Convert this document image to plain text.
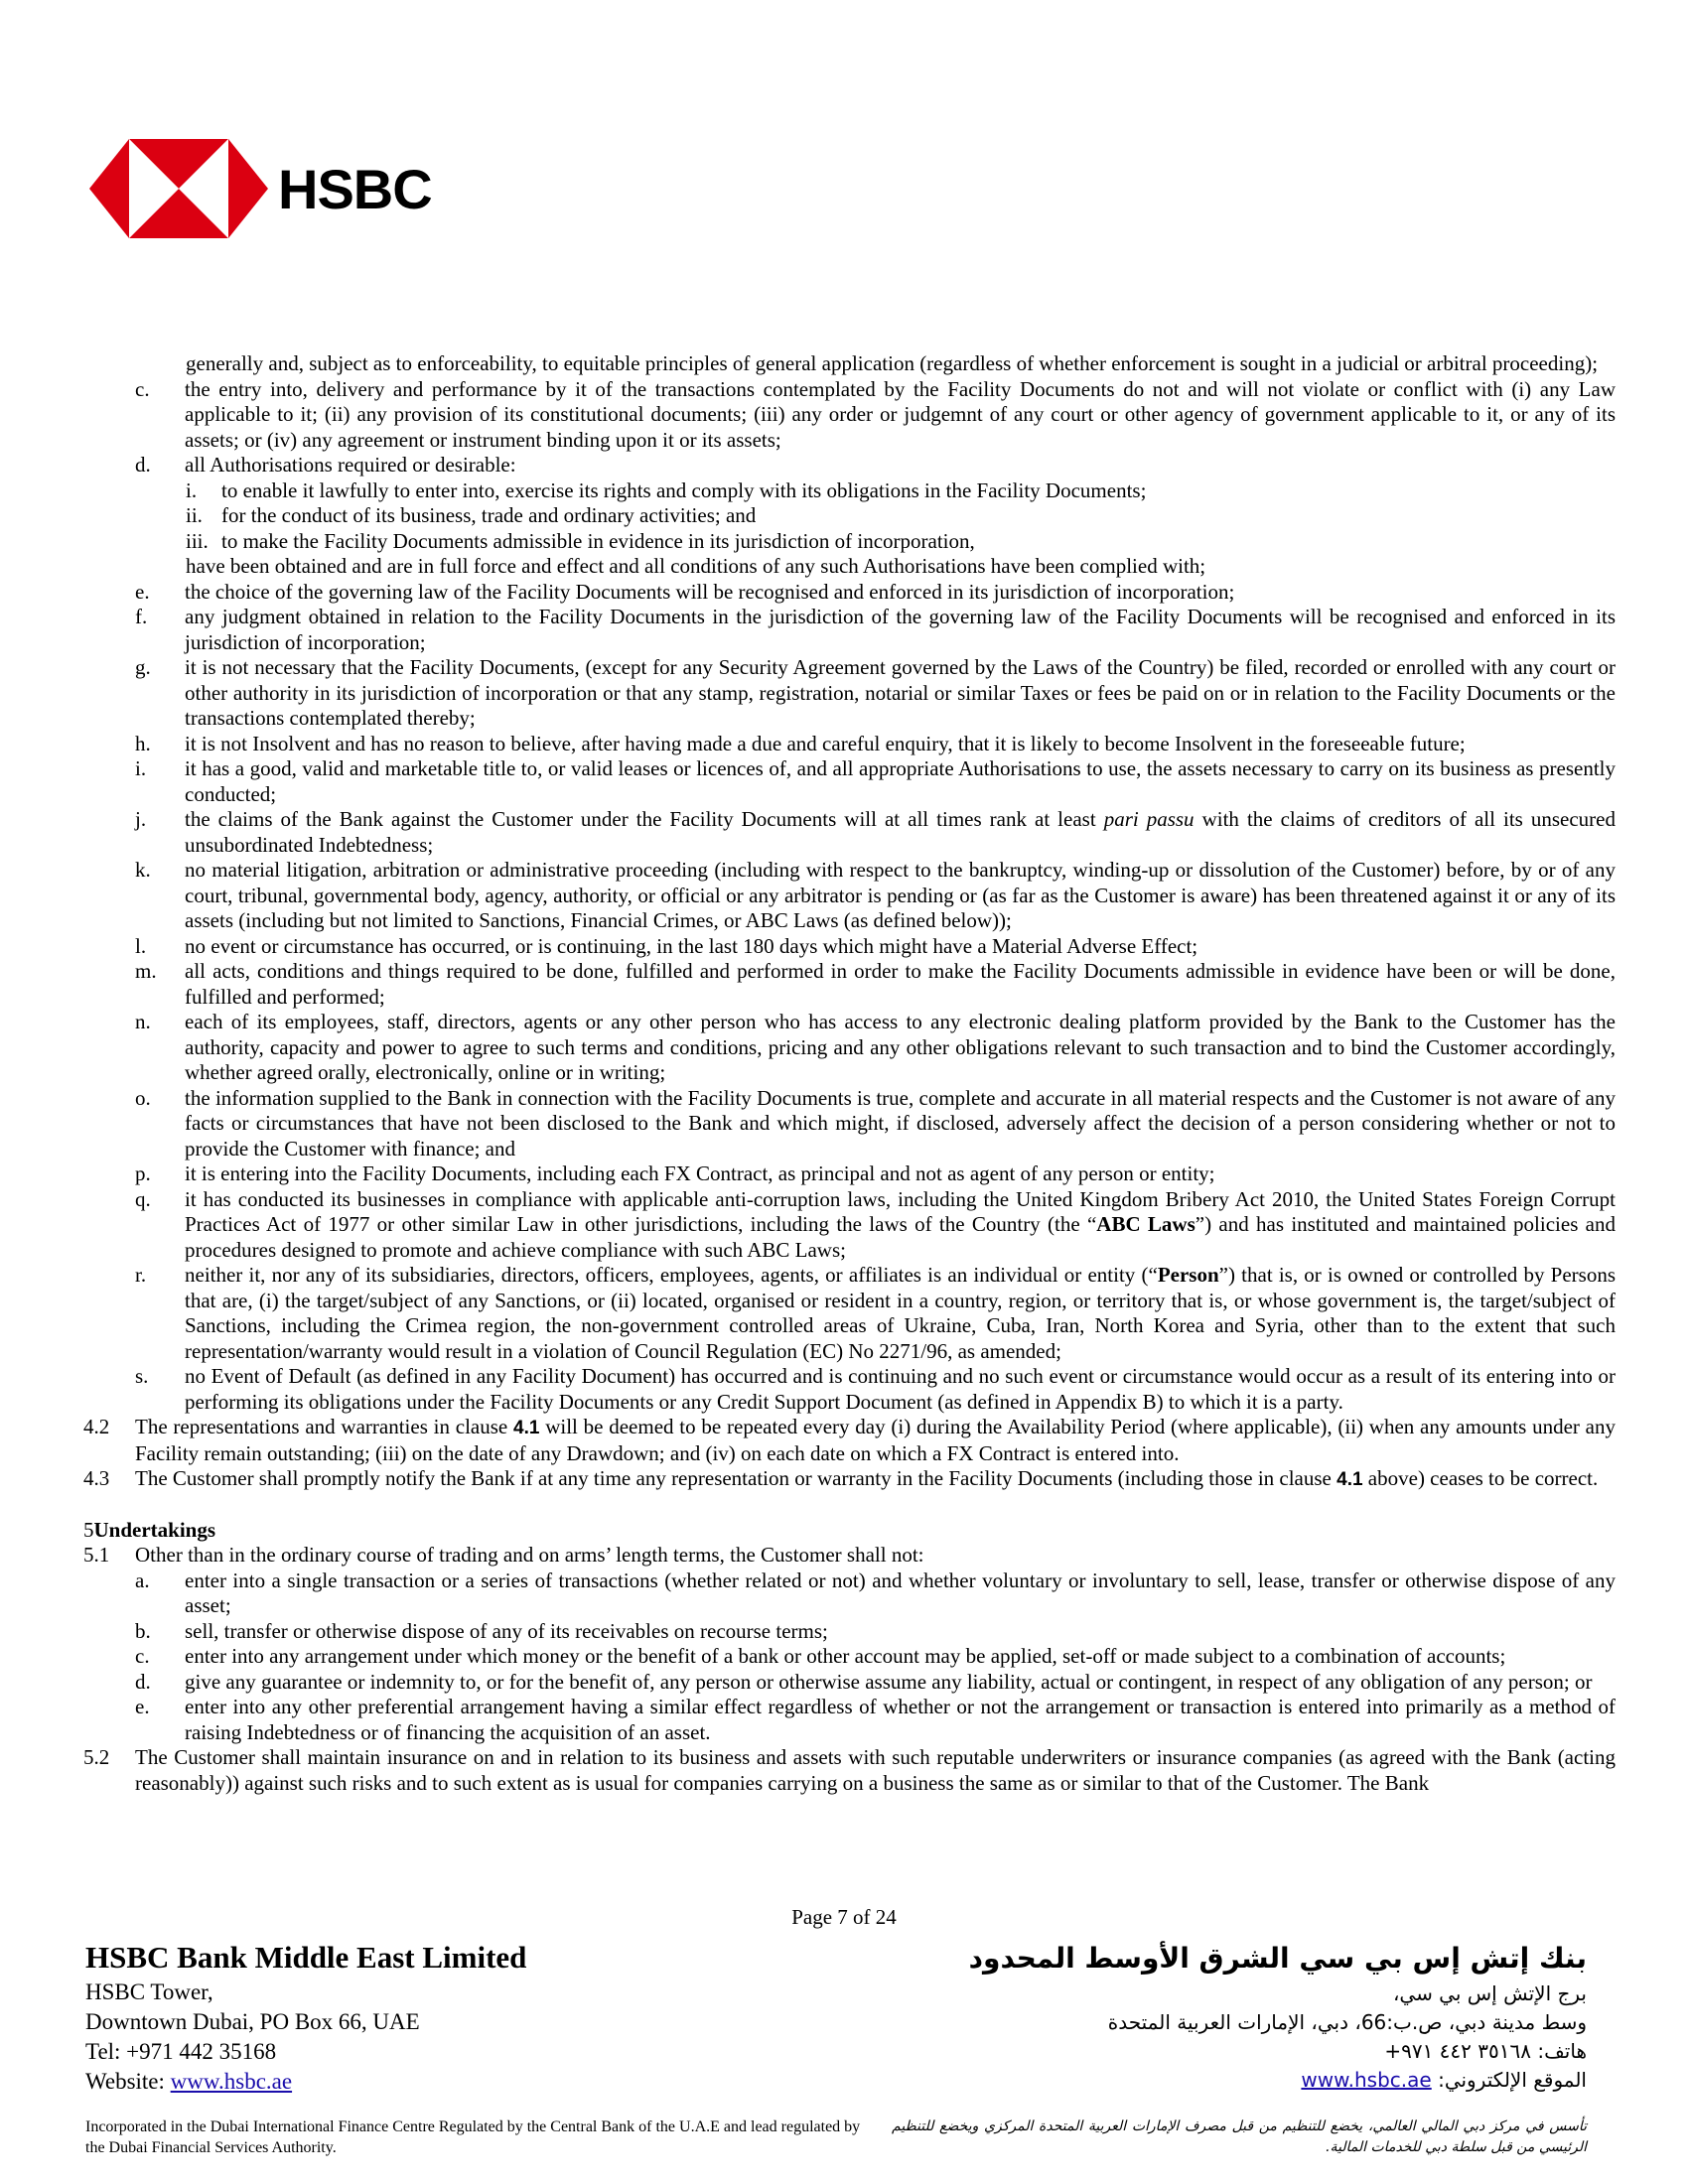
HSBC
generally and, subject as to enforceability, to equitable principles of general application (regardless of whether enforcement is sought in a judicial or arbitral proceeding);
c.	the entry into, delivery and performance by it of the transactions contemplated by the Facility Documents do not and will not violate or conflict with (i) any Law applicable to it; (ii) any provision of its constitutional documents; (iii) any order or judgemnt of any court or other agency of government applicable to it, or any of its assets; or (iv) any agreement or instrument binding upon it or its assets;
d.	all Authorisations required or desirable:
i.	to enable it lawfully to enter into, exercise its rights and comply with its obligations in the Facility Documents;
ii. for the conduct of its business, trade and ordinary activities; and
iii. to make the Facility Documents admissible in evidence in its jurisdiction of incorporation,
have been obtained and are in full force and effect and all conditions of any such Authorisations have been complied with;
e.	the choice of the governing law of the Facility Documents will be recognised and enforced in its jurisdiction of incorporation;
f.	any judgment obtained in relation to the Facility Documents in the jurisdiction of the governing law of the Facility Documents will be recognised and enforced in its jurisdiction of incorporation;
g.	it is not necessary that the Facility Documents, (except for any Security Agreement governed by the Laws of the Country) be filed, recorded or enrolled with any court or other authority in its jurisdiction of incorporation or that any stamp, registration, notarial or similar Taxes or fees be paid on or in relation to the Facility Documents or the transactions contemplated thereby;
h.	it is not Insolvent and has no reason to believe, after having made a due and careful enquiry, that it is likely to become Insolvent in the foreseeable future;
i.	it has a good, valid and marketable title to, or valid leases or licences of, and all appropriate Authorisations to use, the assets necessary to carry on its business as presently conducted;
j.	the claims of the Bank against the Customer under the Facility Documents will at all times rank at least pari passu with the claims of creditors of all its unsecured unsubordinated Indebtedness;
k.	no material litigation, arbitration or administrative proceeding (including with respect to the bankruptcy, winding-up or dissolution of the Customer) before, by or of any court, tribunal, governmental body, agency, authority, or official or any arbitrator is pending or (as far as the Customer is aware) has been threatened against it or any of its assets (including but not limited to Sanctions, Financial Crimes, or ABC Laws (as defined below));
l.	no event or circumstance has occurred, or is continuing, in the last 180 days which might have a Material Adverse Effect;
m.	all acts, conditions and things required to be done, fulfilled and performed in order to make the Facility Documents admissible in evidence have been or will be done, fulfilled and performed;
n.	each of its employees, staff, directors, agents or any other person who has access to any electronic dealing platform provided by the Bank to the Customer has the authority, capacity and power to agree to such terms and conditions, pricing and any other obligations relevant to such transaction and to bind the Customer accordingly, whether agreed orally, electronically, online or in writing;
o.	the information supplied to the Bank in connection with the Facility Documents is true, complete and accurate in all material respects and the Customer is not aware of any facts or circumstances that have not been disclosed to the Bank and which might, if disclosed, adversely affect the decision of a person considering whether or not to provide the Customer with finance; and
p.	it is entering into the Facility Documents, including each FX Contract, as principal and not as agent of any person or entity;
q.	it has conducted its businesses in compliance with applicable anti-corruption laws, including the United Kingdom Bribery Act 2010, the United States Foreign Corrupt Practices Act of 1977 or other similar Law in other jurisdictions, including the laws of the Country (the “ABC Laws”) and has instituted and maintained policies and procedures designed to promote and achieve compliance with such ABC Laws;
r.	neither it, nor any of its subsidiaries, directors, officers, employees, agents, or affiliates is an individual or entity (“Person”) that is, or is owned or controlled by Persons that are, (i) the target/subject of any Sanctions, or (ii) located, organised or resident in a country, region, or territory that is, or whose government is, the target/subject of Sanctions, including the Crimea region, the non-government controlled areas of Ukraine, Cuba, Iran, North Korea and Syria, other than to the extent that such representation/warranty would result in a violation of Council Regulation (EC) No 2271/96, as amended;
s.	no Event of Default (as defined in any Facility Document) has occurred and is continuing and no such event or circumstance would occur as a result of its entering into or performing its obligations under the Facility Documents or any Credit Support Document (as defined in Appendix B) to which it is a party.
4.2	The representations and warranties in clause 4.1 will be deemed to be repeated every day (i) during the Availability Period (where applicable), (ii) when any amounts under any Facility remain outstanding; (iii) on the date of any Drawdown; and (iv) on each date on which a FX Contract is entered into.
4.3	The Customer shall promptly notify the Bank if at any time any representation or warranty in the Facility Documents (including those in clause 4.1 above) ceases to be correct.
5 Undertakings
5.1	Other than in the ordinary course of trading and on arms’ length terms, the Customer shall not:
a.	enter into a single transaction or a series of transactions (whether related or not) and whether voluntary or involuntary to sell, lease, transfer or otherwise dispose of any asset;
b.	sell, transfer or otherwise dispose of any of its receivables on recourse terms;
c.	enter into any arrangement under which money or the benefit of a bank or other account may be applied, set-off or made subject to a combination of accounts;
d.	give any guarantee or indemnity to, or for the benefit of, any person or otherwise assume any liability, actual or contingent, in respect of any obligation of any person; or
e.	enter into any other preferential arrangement having a similar effect regardless of whether or not the arrangement or transaction is entered into primarily as a method of raising Indebtedness or of financing the acquisition of an asset.
5.2	The Customer shall maintain insurance on and in relation to its business and assets with such reputable underwriters or insurance companies (as agreed with the Bank (acting reasonably)) against such risks and to such extent as is usual for companies carrying on a business the same as or similar to that of the Customer. The Bank
Page 7 of 24
HSBC Bank Middle East Limited
HSBC Tower,
Downtown Dubai, PO Box 66, UAE
Tel: +971 442 35168
Website: www.hsbc.ae
بنك إتش إس بي سي الشرق الأوسط المحدود
برج الإتش إس بي سي،
وسط مدينة دبي، ص.ب:66، دبي، الإمارات العربية المتحدة
هاتف: ٣٥١٦٨ ٤٤٢ ٩٧١+
الموقع الإلكتروني: www.hsbc.ae
Incorporated in the Dubai International Finance Centre Regulated by the Central Bank of the U.A.E and lead regulated by the Dubai Financial Services Authority.
تأسس في مركز دبي المالي العالمي، يخضع للتنظيم من قبل مصرف الإمارات العربية المتحدة المركزي ويخضع للتنظيم الرئيسي من قبل سلطة دبي للخدمات المالية.
